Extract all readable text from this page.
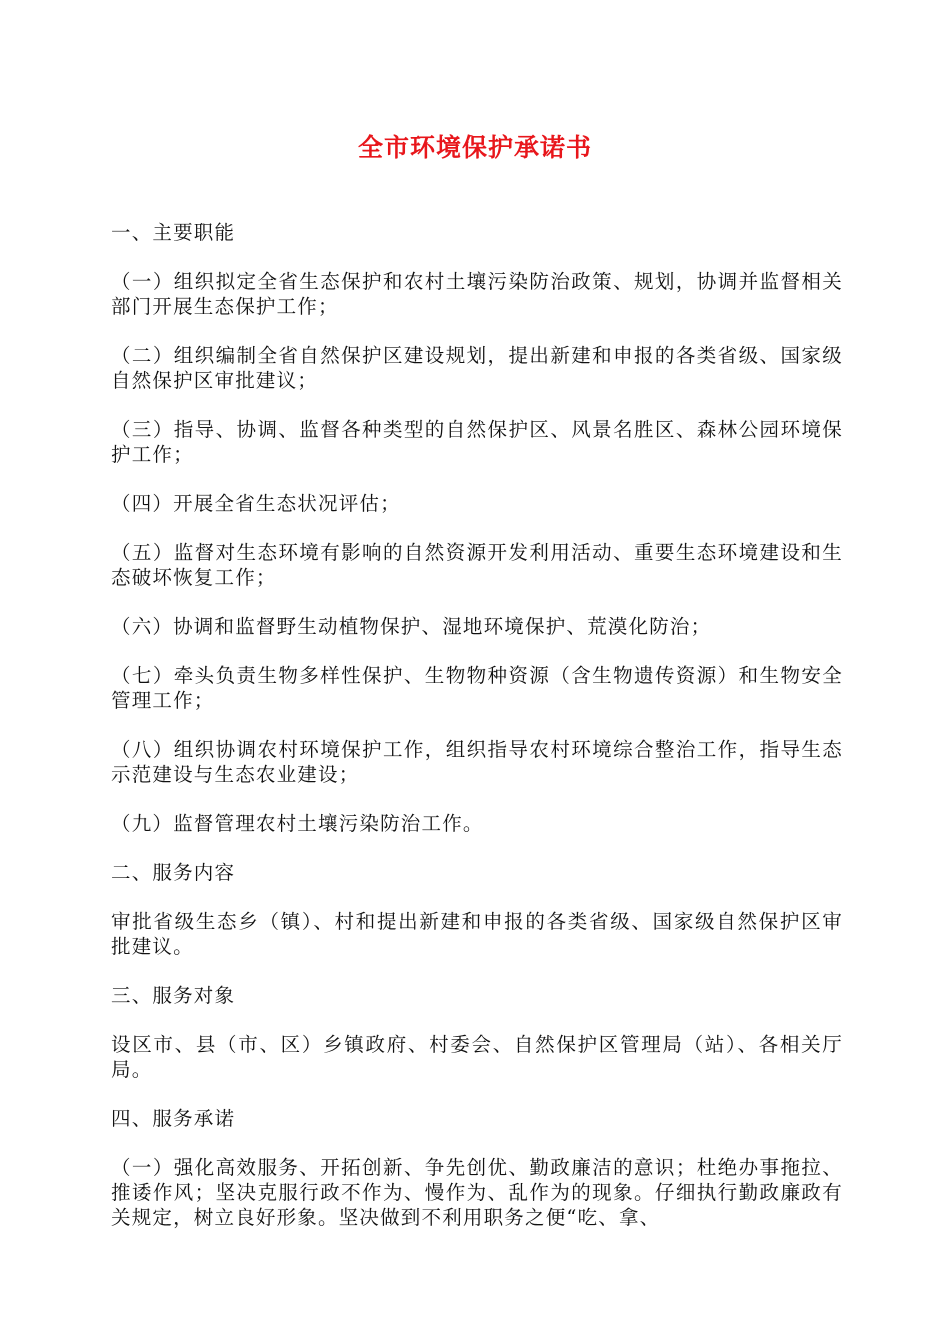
全市环境保护承诺书

一、主要职能

（一）组织拟定全省生态保护和农村土壤污染防治政策、规划，协调并监督相关部门开展生态保护工作；

（二）组织编制全省自然保护区建设规划，提出新建和申报的各类省级、国家级自然保护区审批建议；

（三）指导、协调、监督各种类型的自然保护区、风景名胜区、森林公园环境保护工作；

（四）开展全省生态状况评估；

（五）监督对生态环境有影响的自然资源开发利用活动、重要生态环境建设和生态破坏恢复工作；

（六）协调和监督野生动植物保护、湿地环境保护、荒漠化防治；

（七）牵头负责生物多样性保护、生物物种资源（含生物遗传资源）和生物安全管理工作；

（八）组织协调农村环境保护工作，组织指导农村环境综合整治工作，指导生态示范建设与生态农业建设；

（九）监督管理农村土壤污染防治工作。

二、服务内容

审批省级生态乡（镇）、村和提出新建和申报的各类省级、国家级自然保护区审批建议。

三、服务对象

设区市、县（市、区）乡镇政府、村委会、自然保护区管理局（站）、各相关厅局。

四、服务承诺

（一）强化高效服务、开拓创新、争先创优、勤政廉洁的意识；杜绝办事拖拉、推诿作风；坚决克服行政不作为、慢作为、乱作为的现象。仔细执行勤政廉政有关规定，树立良好形象。坚决做到不利用职务之便“吃、拿、
